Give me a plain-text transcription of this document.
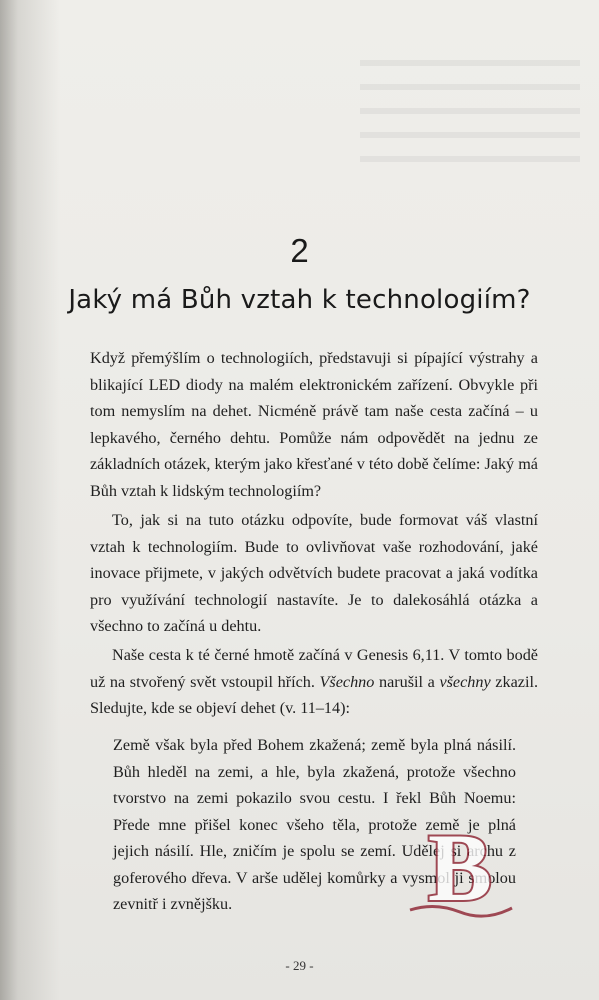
2
Jaký má Bůh vztah k technologiím?

Když přemýšlím o technologiích, představuji si pípající výstrahy a blikající LED diody na malém elektronickém zařízení. Obvykle při tom nemyslím na dehet. Nicméně právě tam naše cesta začíná – u lepkavého, černého dehtu. Pomůže nám odpovědět na jednu ze základních otázek, kterým jako křesťané v této době čelíme: Jaký má Bůh vztah k lidským technologiím?

To, jak si na tuto otázku odpovíte, bude formovat váš vlastní vztah k technologiím. Bude to ovlivňovat vaše rozhodování, jaké inovace přijmete, v jakých odvětvích budete pracovat a jaká vodítka pro využívání technologií nastavíte. Je to dalekosáhlá otázka a všechno to začíná u dehtu.

Naše cesta k té černé hmotě začíná v Genesis 6,11. V tomto bodě už na stvořený svět vstoupil hřích. Všechno narušil a všechny zkazil. Sledujte, kde se objeví dehet (v. 11–14):

Země však byla před Bohem zkažená; země byla plná násilí. Bůh hleděl na zemi, a hle, byla zkažená, protože všechno tvorstvo na zemi pokazilo svou cestu. I řekl Bůh Noemu: Přede mne přišel konec všeho těla, protože země je plná jejich násilí. Hle, zničím je spolu se zemí. Udělej si archu z goferového dřeva. V arše udělej komůrky a vysmol ji smolou zevnitř i zvnějšku.

- 29 -
B
